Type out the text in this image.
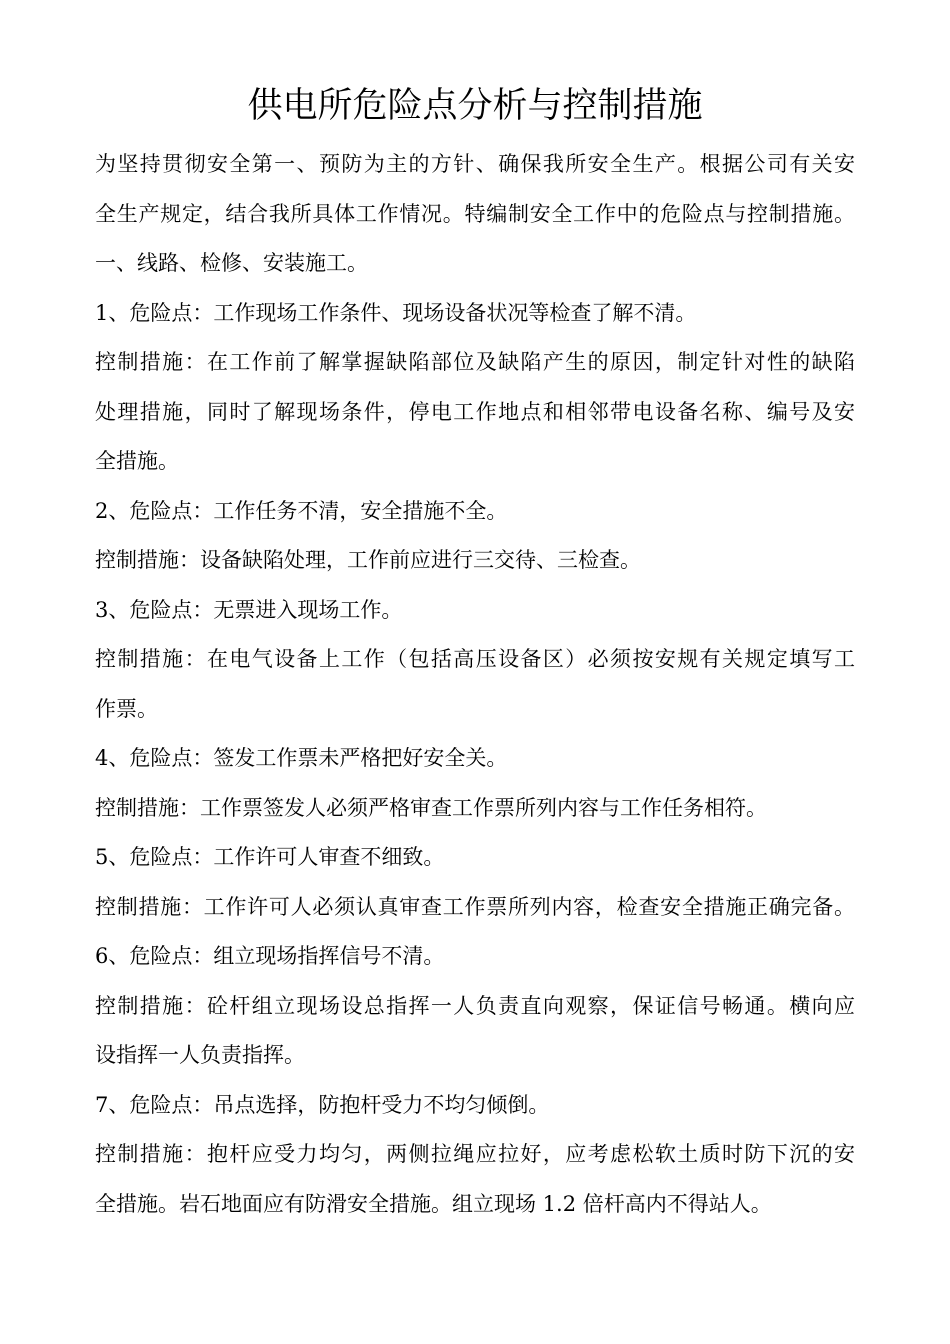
供电所危险点分析与控制措施

为坚持贯彻安全第一、预防为主的方针、确保我所安全生产。根据公司有关安

全生产规定，结合我所具体工作情况。特编制安全工作中的危险点与控制措施。

一、线路、检修、安装施工。

1、危险点：工作现场工作条件、现场设备状况等检查了解不清。

控制措施：在工作前了解掌握缺陷部位及缺陷产生的原因，制定针对性的缺陷

处理措施，同时了解现场条件，停电工作地点和相邻带电设备名称、编号及安

全措施。

2、危险点：工作任务不清，安全措施不全。

控制措施：设备缺陷处理，工作前应进行三交待、三检查。

3、危险点：无票进入现场工作。

控制措施：在电气设备上工作（包括高压设备区）必须按安规有关规定填写工

作票。

4、危险点：签发工作票未严格把好安全关。

控制措施：工作票签发人必须严格审查工作票所列内容与工作任务相符。

5、危险点：工作许可人审查不细致。

控制措施：工作许可人必须认真审查工作票所列内容，检查安全措施正确完备。

6、危险点：组立现场指挥信号不清。

控制措施：砼杆组立现场设总指挥一人负责直向观察，保证信号畅通。横向应

设指挥一人负责指挥。

7、危险点：吊点选择，防抱杆受力不均匀倾倒。

控制措施：抱杆应受力均匀，两侧拉绳应拉好，应考虑松软土质时防下沉的安

全措施。岩石地面应有防滑安全措施。组立现场 1.2 倍杆高内不得站人。
